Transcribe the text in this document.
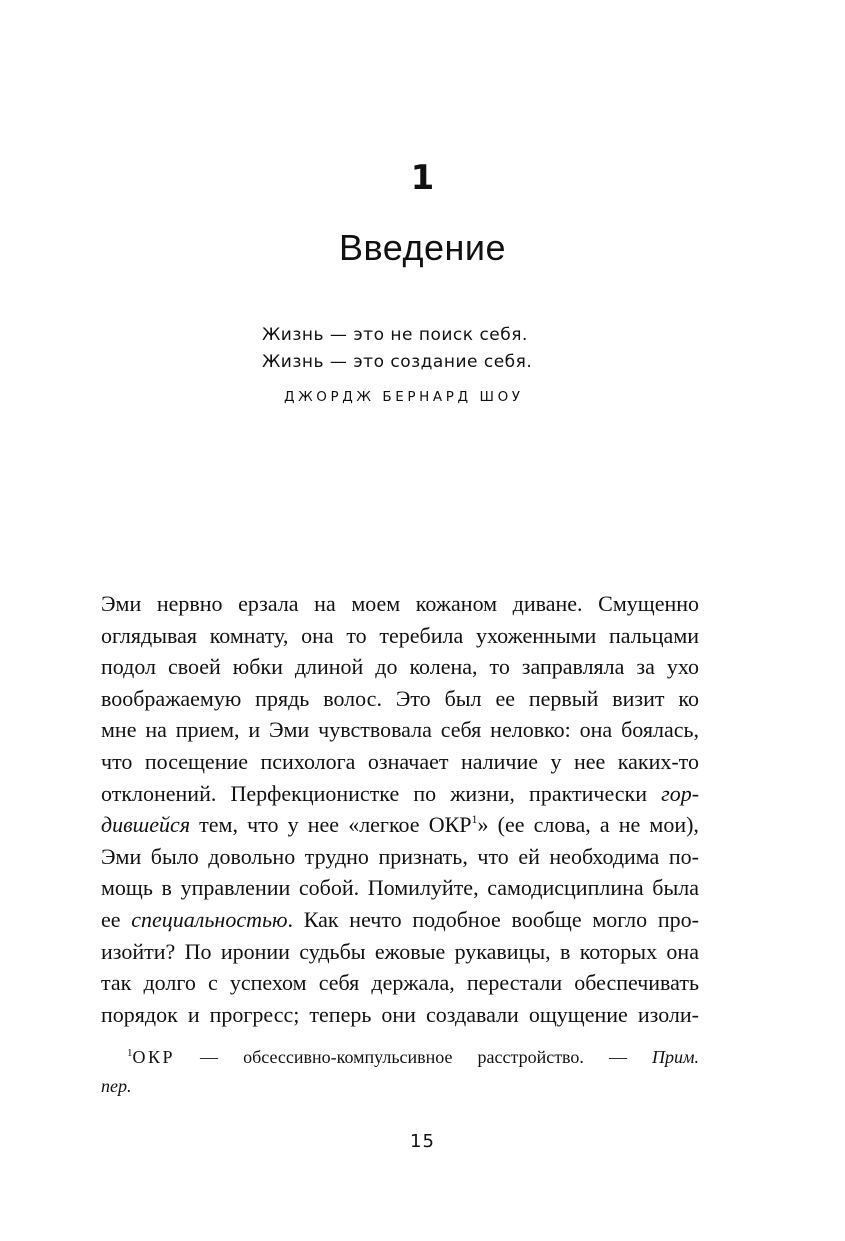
1
Введение
Жизнь — это не поиск себя.
Жизнь — это создание себя.
ДЖОРДЖ БЕРНАРД ШОУ
Эми нервно ерзала на моем кожаном диване. Смущенно
оглядывая комнату, она то теребила ухоженными пальцами
подол своей юбки длиной до колена, то заправляла за ухо
воображаемую прядь волос. Это был ее первый визит ко
мне на прием, и Эми чувствовала себя неловко: она боялась,
что посещение психолога означает наличие у нее каких-то
отклонений. Перфекционистке по жизни, практически гор-
дившейся тем, что у нее «легкое ОКР$^1$» (ее слова, а не мои),
Эми было довольно трудно признать, что ей необходима по-
мощь в управлении собой. Помилуйте, самодисциплина была
ее специальностью. Как нечто подобное вообще могло про-
изойти? По иронии судьбы ежовые рукавицы, в которых она
так долго с успехом себя держала, перестали обеспечивать
порядок и прогресс; теперь они создавали ощущение изоли-
$^1$ОКР — обсессивно-компульсивное расстройство. — Прим.
пер.
15
